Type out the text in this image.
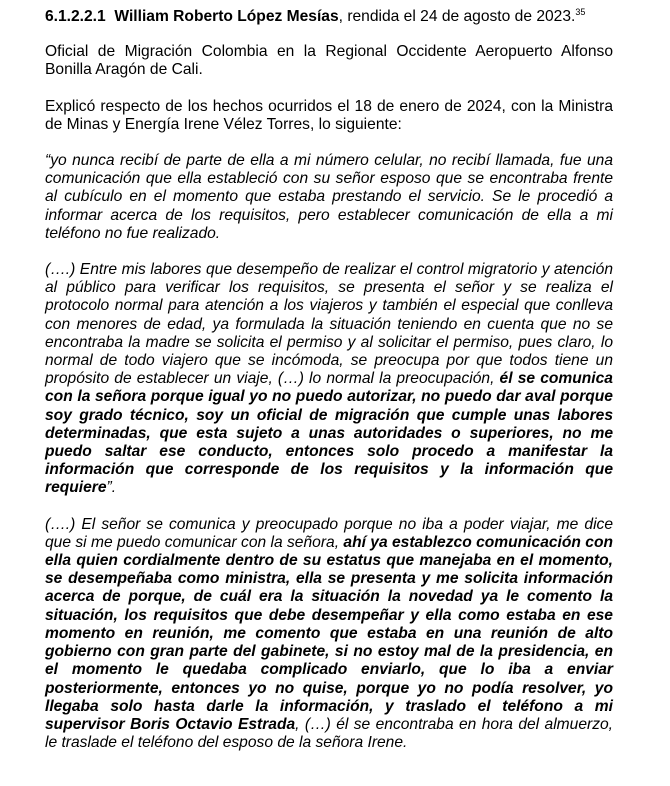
6.1.2.2.1 William Roberto López Mesías, rendida el 24 de agosto de 2023.35

Oficial de Migración Colombia en la Regional Occidente Aeropuerto Alfonso Bonilla Aragón de Cali.

Explicó respecto de los hechos ocurridos el 18 de enero de 2024, con la Ministra de Minas y Energía Irene Vélez Torres, lo siguiente:

“yo nunca recibí de parte de ella a mi número celular, no recibí llamada, fue una comunicación que ella estableció con su señor esposo que se encontraba frente al cubículo en el momento que estaba prestando el servicio. Se le procedió a informar acerca de los requisitos, pero establecer comunicación de ella a mi teléfono no fue realizado.

(….) Entre mis labores que desempeño de realizar el control migratorio y atención al público para verificar los requisitos, se presenta el señor y se realiza el protocolo normal para atención a los viajeros y también el especial que conlleva con menores de edad, ya formulada la situación teniendo en cuenta que no se encontraba la madre se solicita el permiso y al solicitar el permiso, pues claro, lo normal de todo viajero que se incómoda, se preocupa por que todos tiene un propósito de establecer un viaje, (…) lo normal la preocupación, él se comunica con la señora porque igual yo no puedo autorizar, no puedo dar aval porque soy grado técnico, soy un oficial de migración que cumple unas labores determinadas, que esta sujeto a unas autoridades o superiores, no me puedo saltar ese conducto, entonces solo procedo a manifestar la información que corresponde de los requisitos y la información que requiere”.

(….) El señor se comunica y preocupado porque no iba a poder viajar, me dice que si me puedo comunicar con la señora, ahí ya establezco comunicación con ella quien cordialmente dentro de su estatus que manejaba en el momento, se desempeñaba como ministra, ella se presenta y me solicita información acerca de porque, de cuál era la situación la novedad ya le comento la situación, los requisitos que debe desempeñar y ella como estaba en ese momento en reunión, me comento que estaba en una reunión de alto gobierno con gran parte del gabinete, si no estoy mal de la presidencia, en el momento le quedaba complicado enviarlo, que lo iba a enviar posteriormente, entonces yo no quise, porque yo no podía resolver, yo llegaba solo hasta darle la información, y traslado el teléfono a mi supervisor Boris Octavio Estrada, (…) él se encontraba en hora del almuerzo, le traslade el teléfono del esposo de la señora Irene.
